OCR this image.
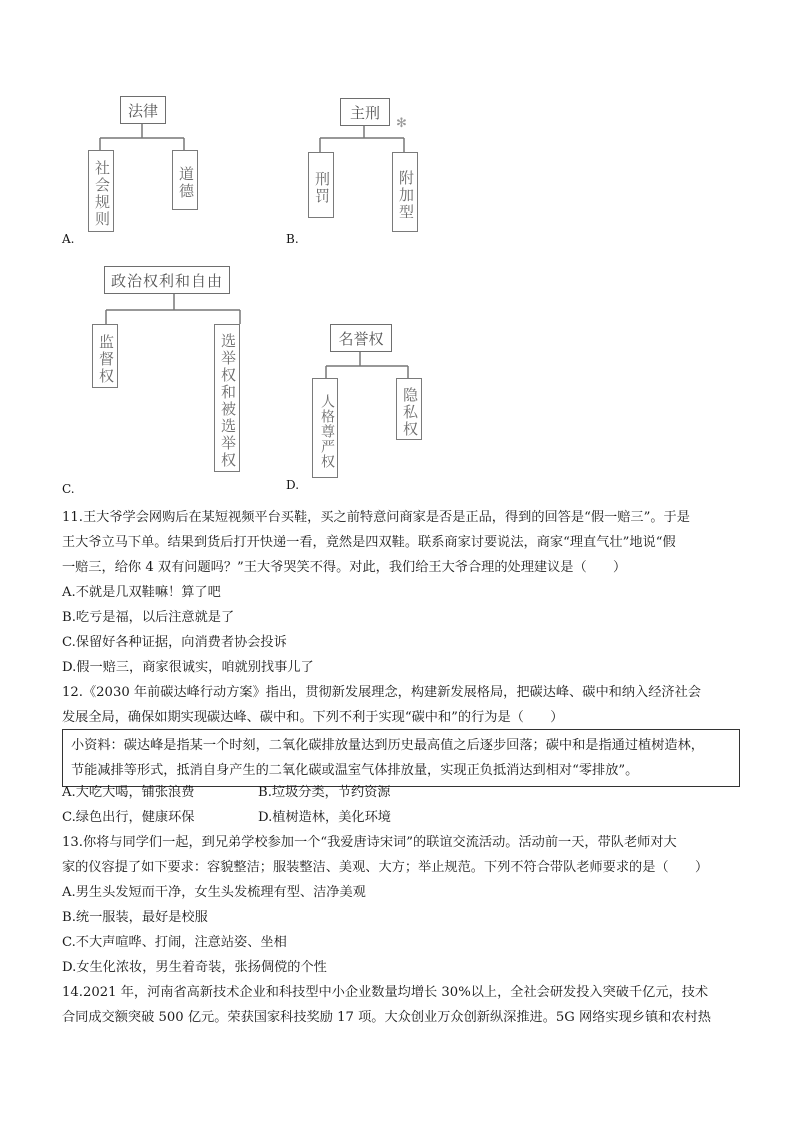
法律
社会规则	道德
A.
主刑
✻
刑罚	附加型
B.
政治权利和自由
监督权	选举权和被选举权
C.
名誉权
人格尊严权	隐私权
D.
11.王大爷学会网购后在某短视频平台买鞋，买之前特意问商家是否是正品，得到的回答是“假一赔三”。于是
王大爷立马下单。结果到货后打开快递一看，竟然是四双鞋。联系商家讨要说法，商家“理直气壮”地说“假
一赔三，给你 4 双有问题吗？”王大爷哭笑不得。对此，我们给王大爷合理的处理建议是（　　）
A.不就是几双鞋嘛！算了吧
B.吃亏是福，以后注意就是了
C.保留好各种证据，向消费者协会投诉
D.假一赔三，商家很诚实，咱就别找事儿了
12.《2030 年前碳达峰行动方案》指出，贯彻新发展理念，构建新发展格局，把碳达峰、碳中和纳入经济社会
发展全局，确保如期实现碳达峰、碳中和。下列不利于实现“碳中和”的行为是（　　）
小资料：碳达峰是指某一个时刻，二氧化碳排放量达到历史最高值之后逐步回落；碳中和是指通过植树造林，
节能减排等形式，抵消自身产生的二氧化碳或温室气体排放量，实现正负抵消达到相对“零排放”。
A.大吃大喝，铺张浪费	B.垃圾分类，节约资源
C.绿色出行，健康环保	D.植树造林，美化环境
13.你将与同学们一起，到兄弟学校参加一个“我爱唐诗宋词”的联谊交流活动。活动前一天，带队老师对大
家的仪容提了如下要求：容貌整洁；服装整洁、美观、大方；举止规范。下列不符合带队老师要求的是（　　）
A.男生头发短而干净，女生头发梳理有型、洁净美观
B.统一服装，最好是校服
C.不大声喧哗、打闹，注意站姿、坐相
D.女生化浓妆，男生着奇装，张扬倜傥的个性
14.2021 年，河南省高新技术企业和科技型中小企业数量均增长 30%以上，全社会研发投入突破千亿元，技术
合同成交额突破 500 亿元。荣获国家科技奖励 17 项。大众创业万众创新纵深推进。5G 网络实现乡镇和农村热
